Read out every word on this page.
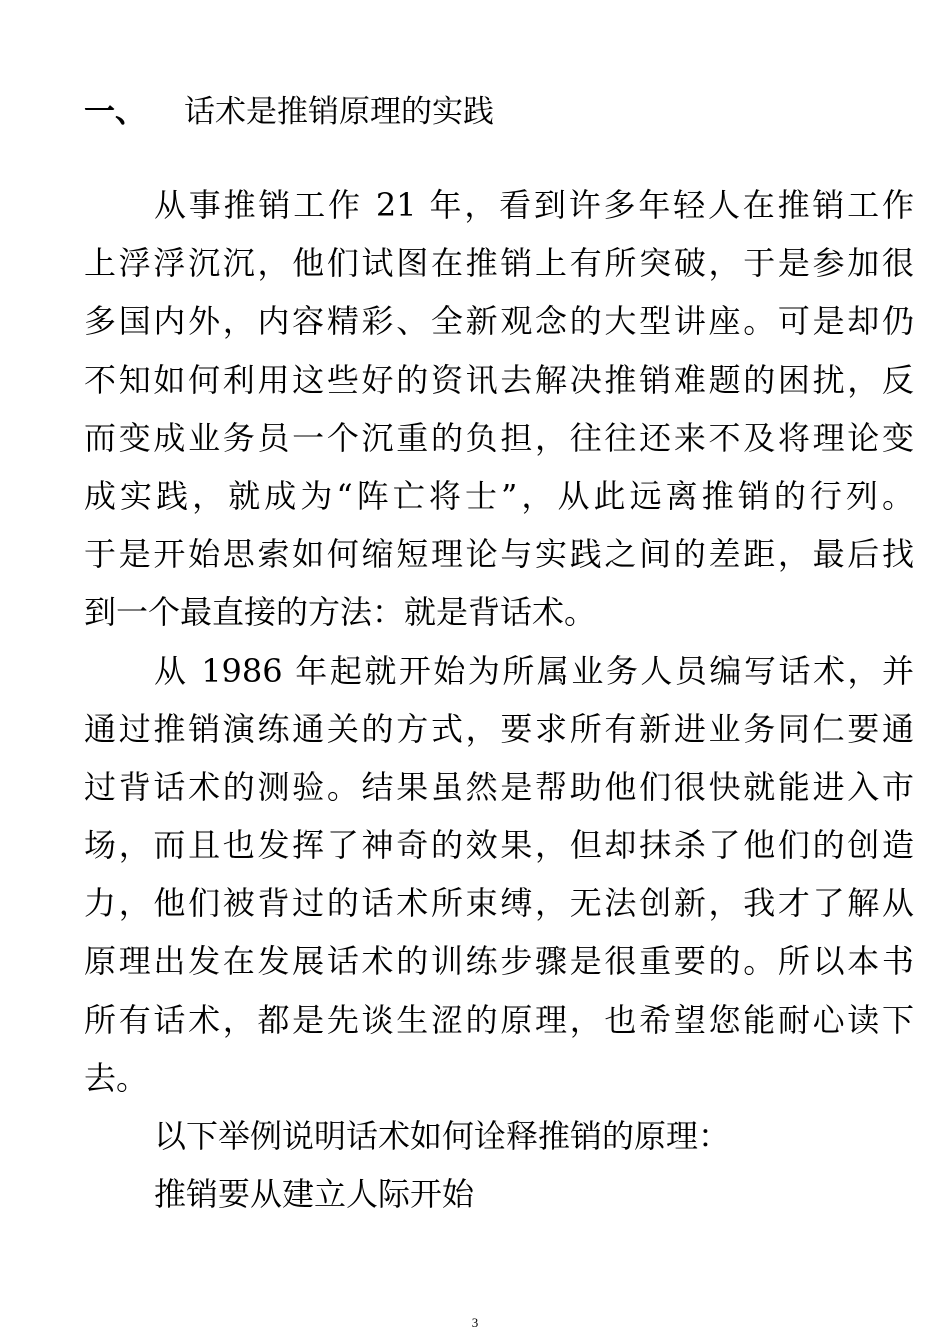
一、	话术是推销原理的实践
从事推销工作 21 年，看到许多年轻人在推销工作
上浮浮沉沉，他们试图在推销上有所突破，于是参加很
多国内外，内容精彩、全新观念的大型讲座。可是却仍
不知如何利用这些好的资讯去解决推销难题的困扰，反
而变成业务员一个沉重的负担，往往还来不及将理论变
成实践，就成为“阵亡将士”，从此远离推销的行列。
于是开始思索如何缩短理论与实践之间的差距，最后找
到一个最直接的方法：就是背话术。
从 1986 年起就开始为所属业务人员编写话术，并
通过推销演练通关的方式，要求所有新进业务同仁要通
过背话术的测验。结果虽然是帮助他们很快就能进入市
场，而且也发挥了神奇的效果，但却抹杀了他们的创造
力，他们被背过的话术所束缚，无法创新，我才了解从
原理出发在发展话术的训练步骤是很重要的。所以本书
所有话术，都是先谈生涩的原理，也希望您能耐心读下
去。
以下举例说明话术如何诠释推销的原理：
推销要从建立人际开始
3
